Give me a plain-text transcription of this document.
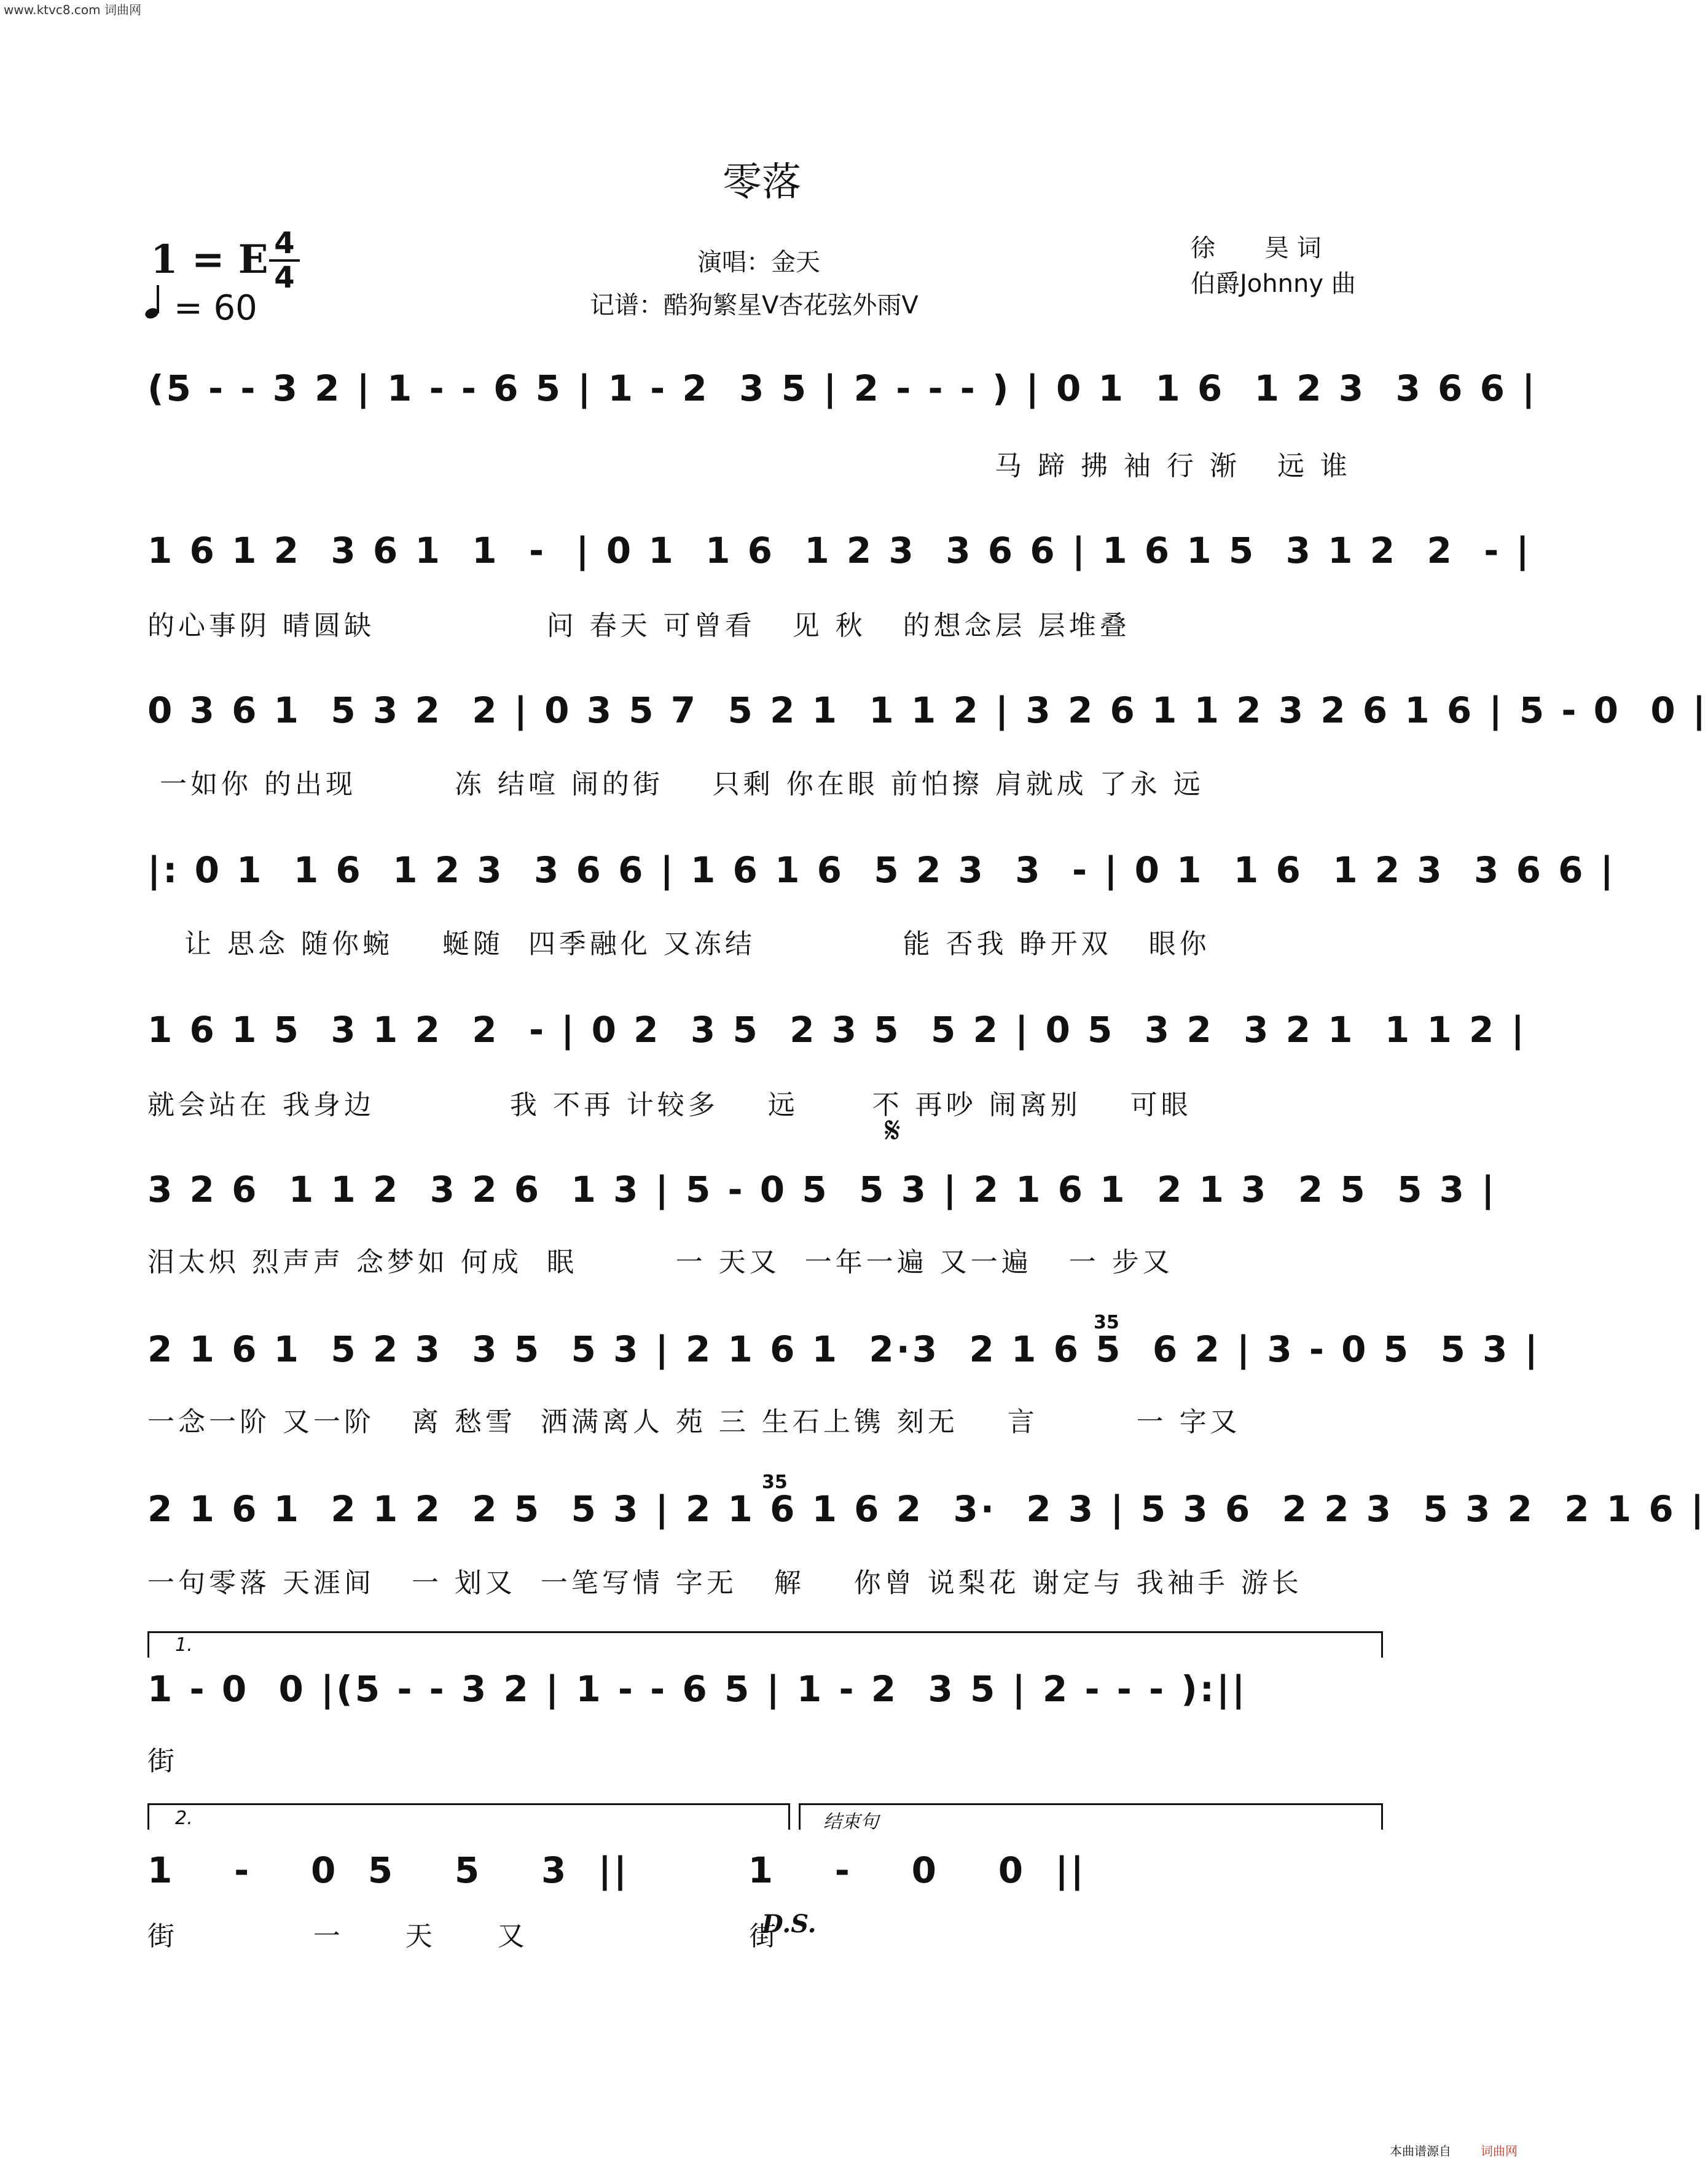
www.ktvc8.com 词曲网
零落
1 = E 4
4
= 60
演唱：金天
记谱：酷狗繁星V杏花弦外雨V
徐　　昊 词
伯爵Johnny 曲
(5 - - 3 2 | 1 - - 6 5 | 1 - 2  3 5 | 2 - - - ) | 0 1  1 6  1 2 3  3 6 6 |
马 蹄 拂 袖 行 渐   远 谁
1 6 1 2  3 6 1  1  -  | 0 1  1 6  1 2 3  3 6 6 | 1 6 1 5  3 1 2  2  - |
的心事阴 晴圆缺              问 春天 可曾看   见 秋   的想念层 层堆叠
0 3 6 1  5 3 2  2 | 0 3 5 7  5 2 1  1 1 2 | 3 2 6 1 1 2 3 2 6 1 6 | 5 - 0  0 |
一如你 的出现        冻 结喧 闹的街    只剩 你在眼 前怕擦 肩就成 了永 远
|: 0 1  1 6  1 2 3  3 6 6 | 1 6 1 6  5 2 3  3  - | 0 1  1 6  1 2 3  3 6 6 |
让 思念 随你蜿    蜒随  四季融化 又冻结            能 否我 睁开双   眼你
1 6 1 5  3 1 2  2  - | 0 2  3 5  2 3 5  5 2 | 0 5  3 2  3 2 1  1 1 2 |
就会站在 我身边           我 不再 计较多    远      不 再吵 闹离别    可眼
𝄋
3 2 6  1 1 2  3 2 6  1 3 | 5 - 0 5  5 3 | 2 1 6 1  2 1 3  2 5  5 3 |
泪太炽 烈声声 念梦如 何成  眠        一 天又  一年一遍 又一遍   一 步又
35
2 1 6 1  5 2 3  3 5  5 3 | 2 1 6 1  2·3  2 1 6 5  6 2 | 3 - 0 5  5 3 |
一念一阶 又一阶   离 愁雪  洒满离人 苑 三 生石上镌 刻无    言        一 字又
35
2 1 6 1  2 1 2  2 5  5 3 | 2 1 6 1 6 2  3·  2 3 | 5 3 6  2 2 3  5 3 2  2 1 6 |
一句零落 天涯间   一 划又  一笔写情 字无   解    你曾 说梨花 谢定与 我袖手 游长
1.
1 - 0  0 |(5 - - 3 2 | 1 - - 6 5 | 1 - 2  3 5 | 2 - - - ):||
街
2.	结束句
1    -    0  5    5    3  ||        1    -    0    0  ||
街           一     天     又                  街
D.S.
本曲谱源自 词曲网
